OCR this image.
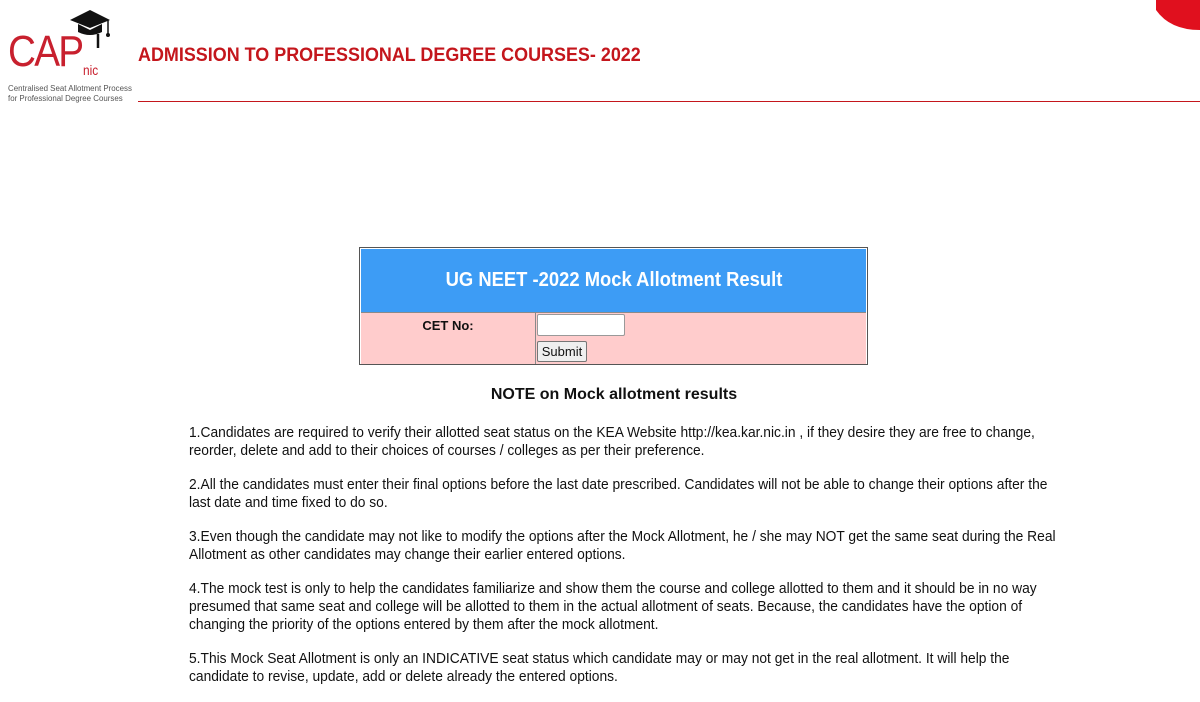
CAP nic
Centralised Seat Allotment Process
for Professional Degree Courses
ADMISSION TO PROFESSIONAL DEGREE COURSES- 2022
UG NEET -2022 Mock Allotment Result
CET No:
Submit
NOTE on Mock allotment results

1.Candidates are required to verify their allotted seat status on the KEA Website http://kea.kar.nic.in , if they desire they are free to change, reorder, delete and add to their choices of courses / colleges as per their preference.

2.All the candidates must enter their final options before the last date prescribed. Candidates will not be able to change their options after the last date and time fixed to do so.

3.Even though the candidate may not like to modify the options after the Mock Allotment, he / she may NOT get the same seat during the Real Allotment as other candidates may change their earlier entered options.

4.The mock test is only to help the candidates familiarize and show them the course and college allotted to them and it should be in no way presumed that same seat and college will be allotted to them in the actual allotment of seats. Because, the candidates have the option of changing the priority of the options entered by them after the mock allotment.

5.This Mock Seat Allotment is only an INDICATIVE seat status which candidate may or may not get in the real allotment. It will help the candidate to revise, update, add or delete already the entered options.
